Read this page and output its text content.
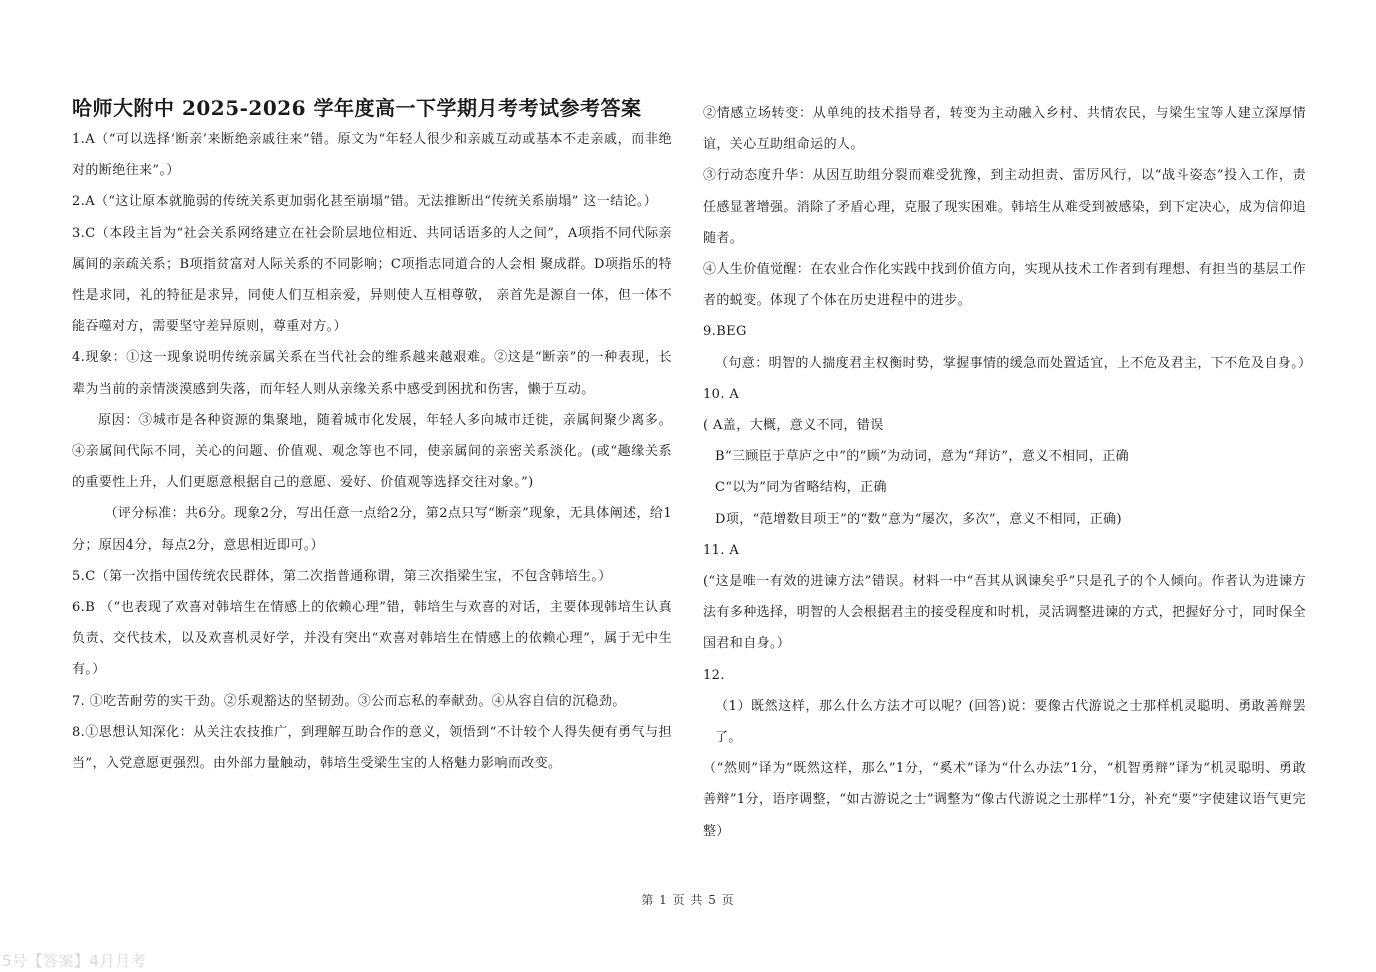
哈师大附中 2025-2026 学年度高一下学期月考考试参考答案

1.A（“可以选择‘断亲’来断绝亲戚往来”错。原文为“年轻人很少和亲戚互动或基本不走亲戚，而非绝对的断绝往来”。）

2.A（“这让原本就脆弱的传统关系更加弱化甚至崩塌”错。无法推断出“传统关系崩塌” 这一结论。）

3.C（本段主旨为“社会关系网络建立在社会阶层地位相近、共同话语多的人之间”，A项指不同代际亲属间的亲疏关系；B项指贫富对人际关系的不同影响；C项指志同道合的人会相 聚成群。D项指乐的特性是求同，礼的特征是求异，同使人们互相亲爱，异则使人互相尊敬， 亲首先是源自一体，但一体不能吞噬对方，需要坚守差异原则，尊重对方。）

4.现象：①这一现象说明传统亲属关系在当代社会的维系越来越艰难。②这是“断亲”的一种表现，长辈为当前的亲情淡漠感到失落，而年轻人则从亲缘关系中感受到困扰和伤害，懒于互动。

原因：③城市是各种资源的集聚地，随着城市化发展，年轻人多向城市迁徙，亲属间聚少离多。④亲属间代际不同，关心的问题、价值观、观念等也不同，使亲属间的亲密关系淡化。(或“趣缘关系的重要性上升，人们更愿意根据自己的意愿、爱好、价值观等选择交往对象。”)

（评分标准：共6分。现象2分，写出任意一点给2分，第2点只写“断亲”现象，无具体阐述，给1分；原因4分，每点2分，意思相近即可。）

5.C（第一次指中国传统农民群体，第二次指普通称谓，第三次指梁生宝，不包含韩培生。）

6.B （“也表现了欢喜对韩培生在情感上的依赖心理”错，韩培生与欢喜的对话，主要体现韩培生认真负责、交代技术，以及欢喜机灵好学，并没有突出“欢喜对韩培生在情感上的依赖心理”，属于无中生有。）

7. ①吃苦耐劳的实干劲。②乐观豁达的坚韧劲。③公而忘私的奉献劲。④从容自信的沉稳劲。

8.①思想认知深化：从关注农技推广，到理解互助合作的意义，领悟到“不计较个人得失便有勇气与担当”，入党意愿更强烈。由外部力量触动，韩培生受梁生宝的人格魅力影响而改变。

②情感立场转变：从单纯的技术指导者，转变为主动融入乡村、共情农民，与梁生宝等人建立深厚情谊，关心互助组命运的人。

③行动态度升华：从因互助组分裂而难受犹豫，到主动担责、雷厉风行，以“战斗姿态”投入工作，责任感显著增强。消除了矛盾心理，克服了现实困难。韩培生从难受到被感染，到下定决心，成为信仰追随者。

④人生价值觉醒：在农业合作化实践中找到价值方向，实现从技术工作者到有理想、有担当的基层工作者的蜕变。体现了个体在历史进程中的进步。

9.BEG

（句意：明智的人揣度君主权衡时势，掌握事情的缓急而处置适宜，上不危及君主，下不危及自身。）

10. A

( A盖，大概，意义不同，错误

B“三顾臣于草庐之中”的“顾”为动词，意为“拜访”，意义不相同，正确

C“以为”同为省略结构，正确

D项，“范增数目项王”的“数”意为“屡次，多次”，意义不相同，正确)

11. A

(“这是唯一有效的进谏方法”错误。材料一中“吾其从讽谏矣乎”只是孔子的个人倾向。作者认为进谏方法有多种选择，明智的人会根据君主的接受程度和时机，灵活调整进谏的方式，把握好分寸，同时保全国君和自身。）

12.

（1）既然这样，那么什么方法才可以呢？(回答)说：要像古代游说之士那样机灵聪明、勇敢善辩罢了。

（“然则”译为“既然这样，那么”1分，“奚术”译为“什么办法”1分，“机智勇辩”译为“机灵聪明、勇敢善辩”1分，语序调整，“如古游说之士”调整为“像古代游说之士那样”1分，补充“要”字使建议语气更完整）

第 1 页 共 5 页
5号【答案】4月月考
